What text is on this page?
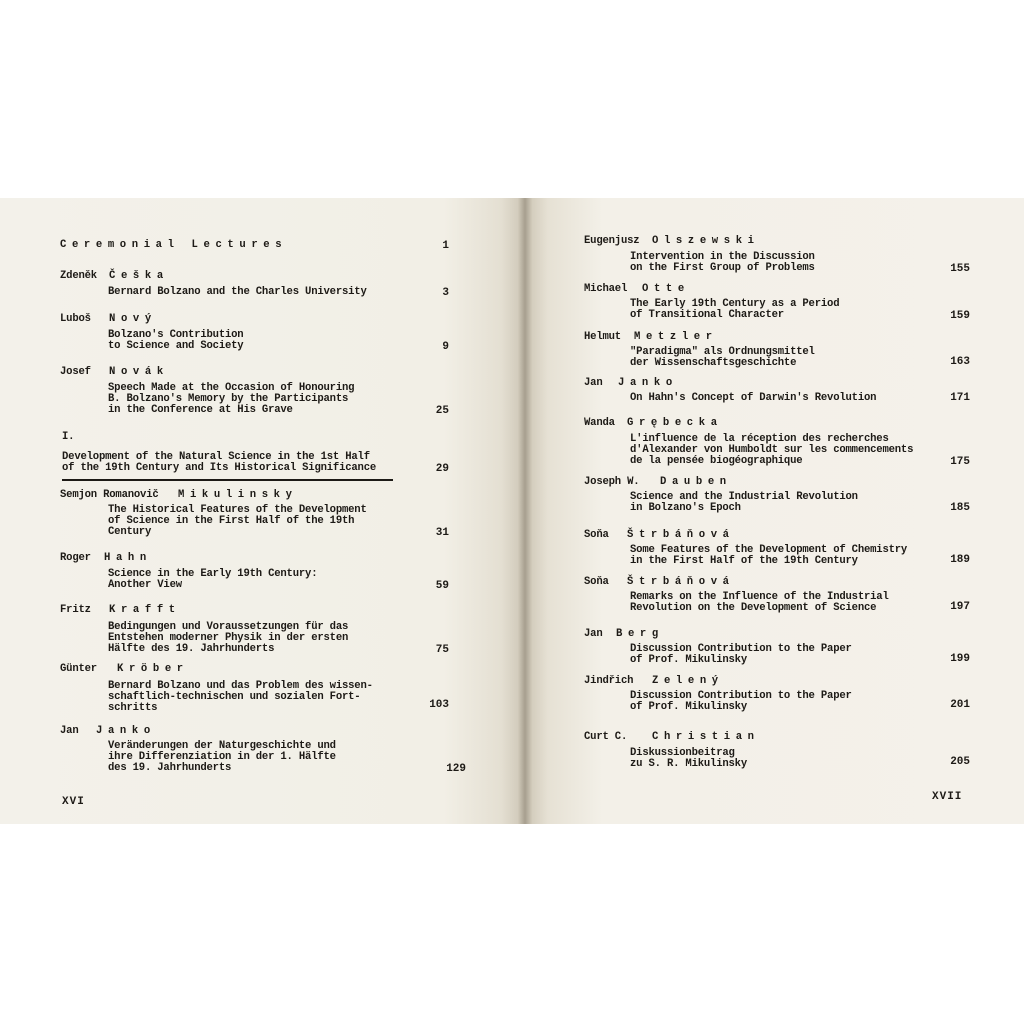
Ceremonial Lectures	1
Zdeněk Češka
Bernard Bolzano and the Charles University	3
Luboš Nový
Bolzano's Contribution
to Science and Society	9
Josef Novák
Speech Made at the Occasion of Honouring
B. Bolzano's Memory by the Participants
in the Conference at His Grave	25
I.
Development of the Natural Science in the 1st Half
of the 19th Century and Its Historical Significance	29
Semjon Romanovič Mikulinsky
The Historical Features of the Development
of Science in the First Half of the 19th
Century	31
Roger Hahn
Science in the Early 19th Century:
Another View	59
Fritz Krafft
Bedingungen und Voraussetzungen für das
Entstehen moderner Physik in der ersten
Hälfte des 19. Jahrhunderts	75
Günter Kröber
Bernard Bolzano und das Problem des wissen-
schaftlich-technischen und sozialen Fort-
schritts	103
Jan Janko
Veränderungen der Naturgeschichte und
ihre Differenziation in der 1. Hälfte
des 19. Jahrhunderts	129
XVI
Eugenjusz Olszewski
Intervention in the Discussion
on the First Group of Problems	155
Michael Otte
The Early 19th Century as a Period
of Transitional Character	159
Helmut Metzler
"Paradigma" als Ordnungsmittel
der Wissenschaftsgeschichte	163
Jan Janko
On Hahn's Concept of Darwin's Revolution	171
Wanda Grębecka
L'influence de la réception des recherches
d'Alexander von Humboldt sur les commencements
de la pensée biogéographique	175
Joseph W. Dauben
Science and the Industrial Revolution
in Bolzano's Epoch	185
Soňa Štrbáňová
Some Features of the Development of Chemistry
in the First Half of the 19th Century	189
Soňa Štrbáňová
Remarks on the Influence of the Industrial
Revolution on the Development of Science	197
Jan Berg
Discussion Contribution to the Paper
of Prof. Mikulinsky	199
Jindřich Zelený
Discussion Contribution to the Paper
of Prof. Mikulinsky	201
Curt C. Christian
Diskussionbeitrag
zu S. R. Mikulinsky	205
XVII
